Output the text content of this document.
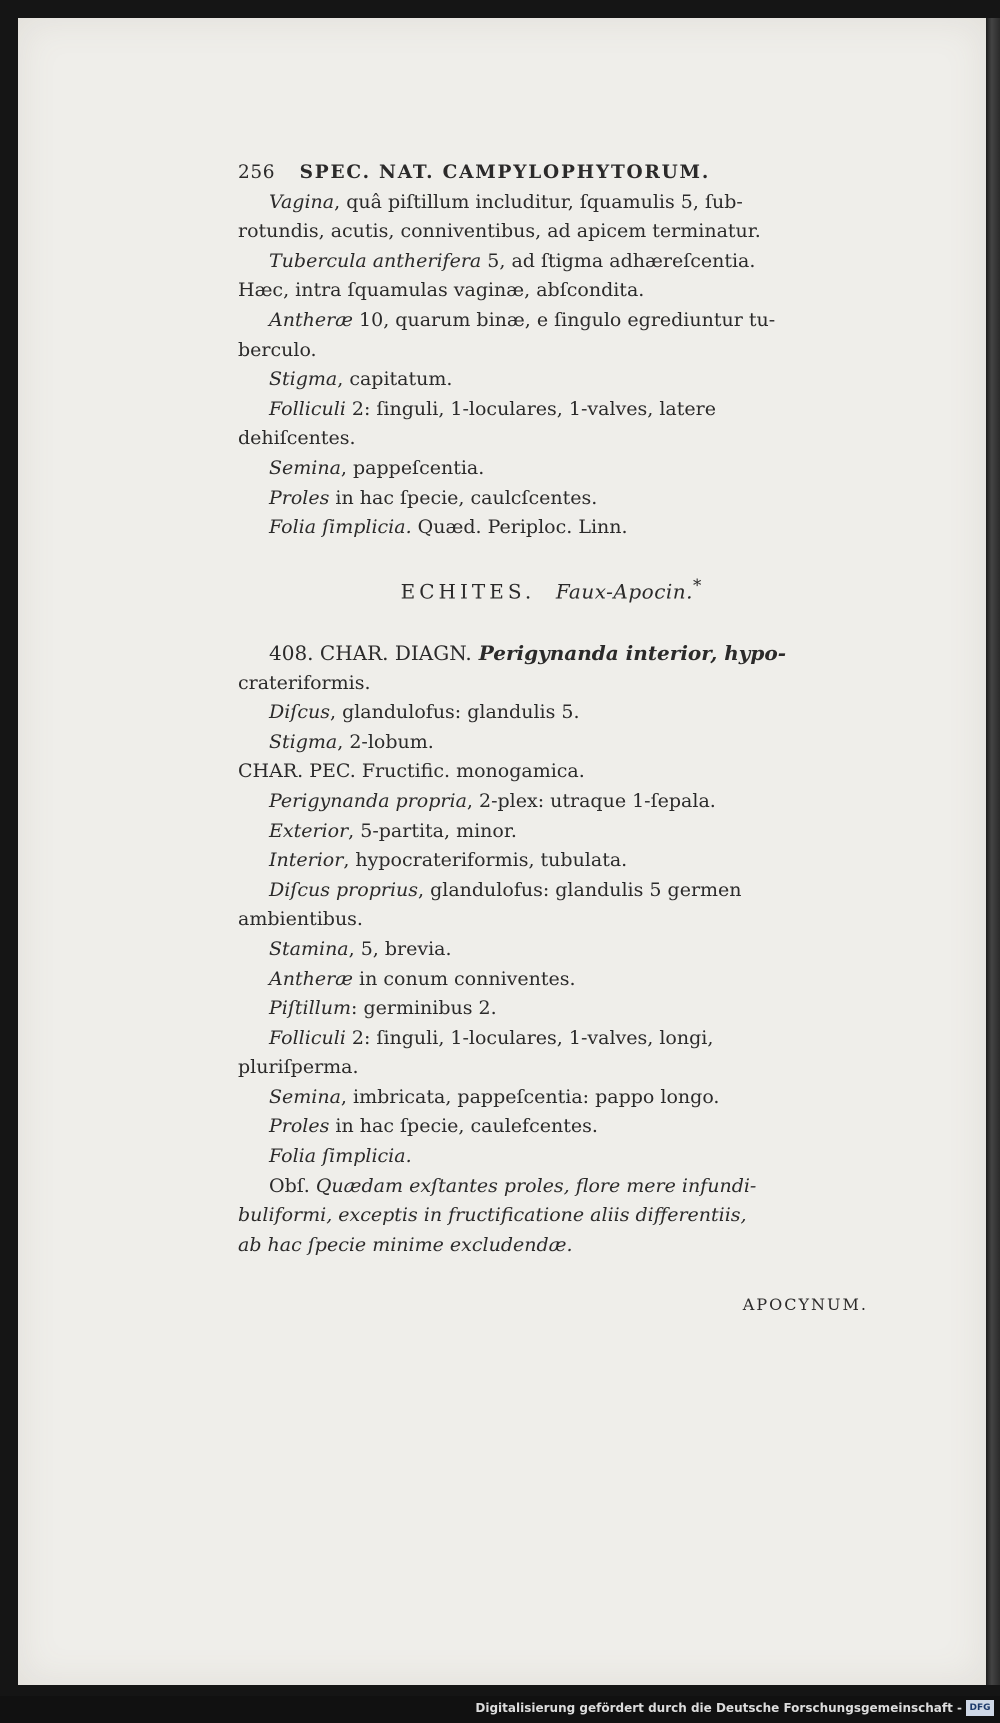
256 SPEC. NAT. CAMPYLOPHYTORUM.
Vagina, quâ piſtillum includitur, ſquamulis 5, ſub-
rotundis, acutis, conniventibus, ad apicem terminatur.
Tubercula antherifera 5, ad ſtigma adhæreſcentia.
Hæc, intra ſquamulas vaginæ, abſcondita.
Antheræ 10, quarum binæ, e ſingulo egrediuntur tu-
berculo.
Stigma, capitatum.
Folliculi 2: ſinguli, 1-loculares, 1-valves, latere
dehiſcentes.
Semina, pappeſcentia.
Proles in hac ſpecie, caulcſcentes.
Folia ſimplicia. Quæd. Periploc. Linn.
ECHITES. Faux-Apocin.*
408. CHAR. DIAGN. Perigynanda interior, hypo-
crateriformis.
Diſcus, glandulofus: glandulis 5.
Stigma, 2-lobum.
CHAR. PEC. Fructific. monogamica.
Perigynanda propria, 2-plex: utraque 1-ſepala.
Exterior, 5-partita, minor.
Interior, hypocrateriformis, tubulata.
Diſcus proprius, glandulofus: glandulis 5 germen
ambientibus.
Stamina, 5, brevia.
Antheræ in conum conniventes.
Piſtillum: germinibus 2.
Folliculi 2: ſinguli, 1-loculares, 1-valves, longi,
pluriſperma.
Semina, imbricata, pappeſcentia: pappo longo.
Proles in hac ſpecie, caulefcentes.
Folia ſimplicia.
Obſ. Quædam exſtantes proles, flore mere infundi-
buliformi, exceptis in fructificatione aliis differentiis,
ab hac ſpecie minime excludendæ.
APOCYNUM.
Digitalisierung gefördert durch die Deutsche Forschungsgemeinschaft - DFG
